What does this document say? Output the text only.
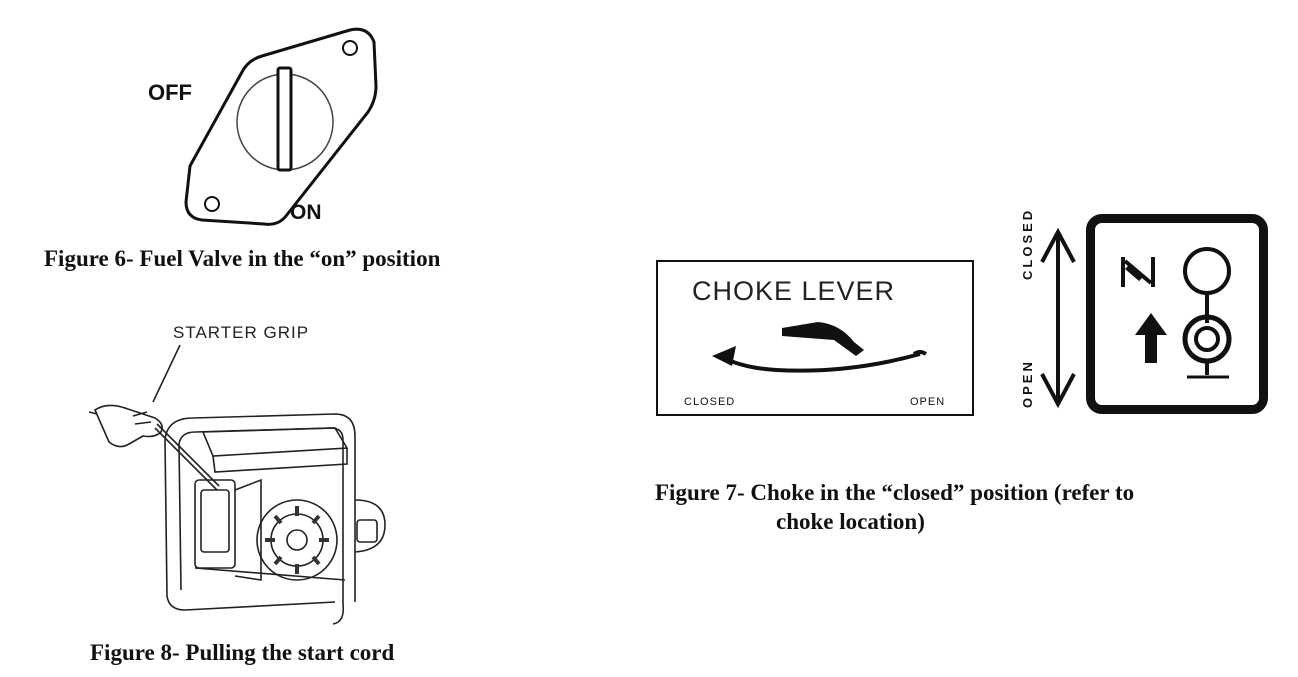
OFF
ON
Figure 6- Fuel Valve in the “on” position
STARTER GRIP
Figure 8- Pulling the start cord
CHOKE LEVER
CLOSED	OPEN
CLOSED
OPEN
Figure 7- Choke in the “closed” position (refer to
choke location)
